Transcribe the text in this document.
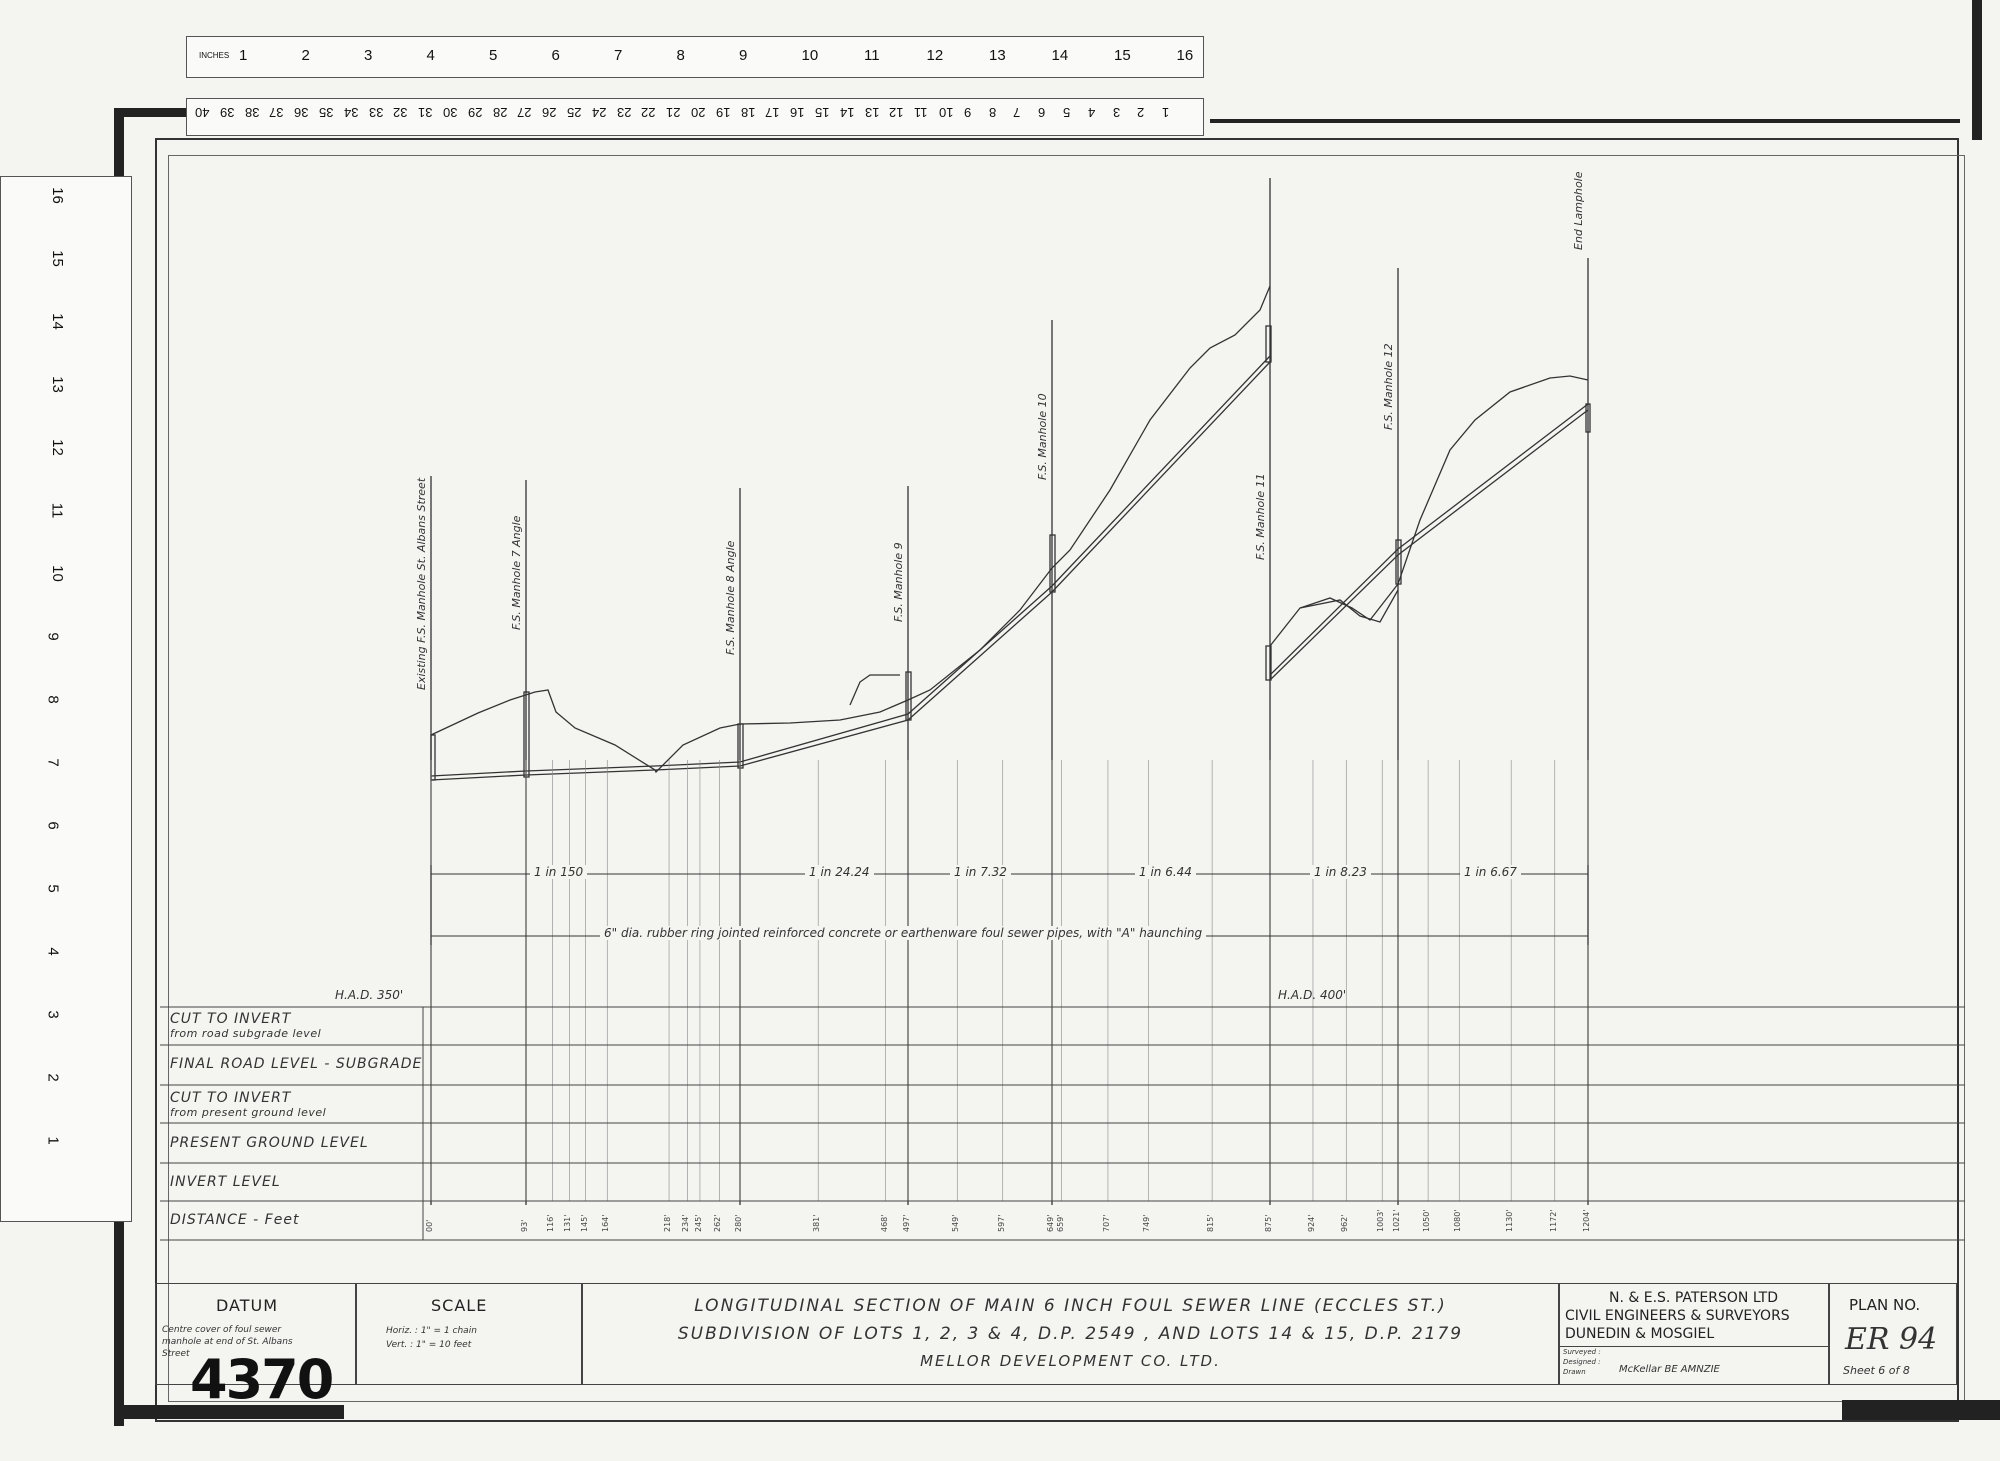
INCHES 1	2	3	4	5	6	7	8	9	10	11	12	13	14	15	16
40 39 38 37 36 35 34 33 32 31 30 29 28 27 26 25 24 23 22 21 20 19 18 17 16 15 14 13 12 11 10 9 8 7 6 5 4 3 2 1
16
15
14
13
12
11
10
9
8
7
6
5
4
3
2
1
Existing F.S. Manhole St. Albans Street	F.S. Manhole 7 Angle	F.S. Manhole 8 Angle	F.S. Manhole 9
F.S. Manhole 10
F.S. Manhole 11
F.S. Manhole 12
End Lamphole
1 in 150	1 in 24.24	1 in 7.32	1 in 6.44	1 in 8.23	1 in 6.67
6" dia. rubber ring jointed reinforced concrete or earthenware foul sewer pipes, with "A" haunching
H.A.D. 350'	H.A.D. 400'
CUT TO INVERT
from road subgrade level
FINAL ROAD LEVEL - SUBGRADE
CUT TO INVERT
from present ground level
PRESENT GROUND LEVEL
INVERT LEVEL
DISTANCE - Feet	00'	93' 116' 131' 145' 164'	218' 234' 245' 262' 280'	381'	468' 497'	549'	597'	649' 659'	707'	749'	815'	875'	924'	962'	1003' 1021'	1050'	1080'	1130'	1172'	1204'
DATUM
Centre cover of foul sewer manhole at end of St. Albans Street
SCALE
Horiz. : 1" = 1 chain
Vert. : 1" = 10 feet
4370
LONGITUDINAL SECTION OF MAIN 6 INCH FOUL SEWER LINE (ECCLES ST.)
SUBDIVISION OF LOTS 1, 2, 3 & 4, D.P. 2549 , AND LOTS 14 & 15, D.P. 2179
MELLOR DEVELOPMENT CO. LTD.
N. & E.S. PATERSON LTD
CIVIL ENGINEERS & SURVEYORS
DUNEDIN & MOSGIEL
Surveyed :
Designed :
Drawn	McKellar BE AMNZIE
PLAN NO.
ER 94
Sheet 6 of 8
